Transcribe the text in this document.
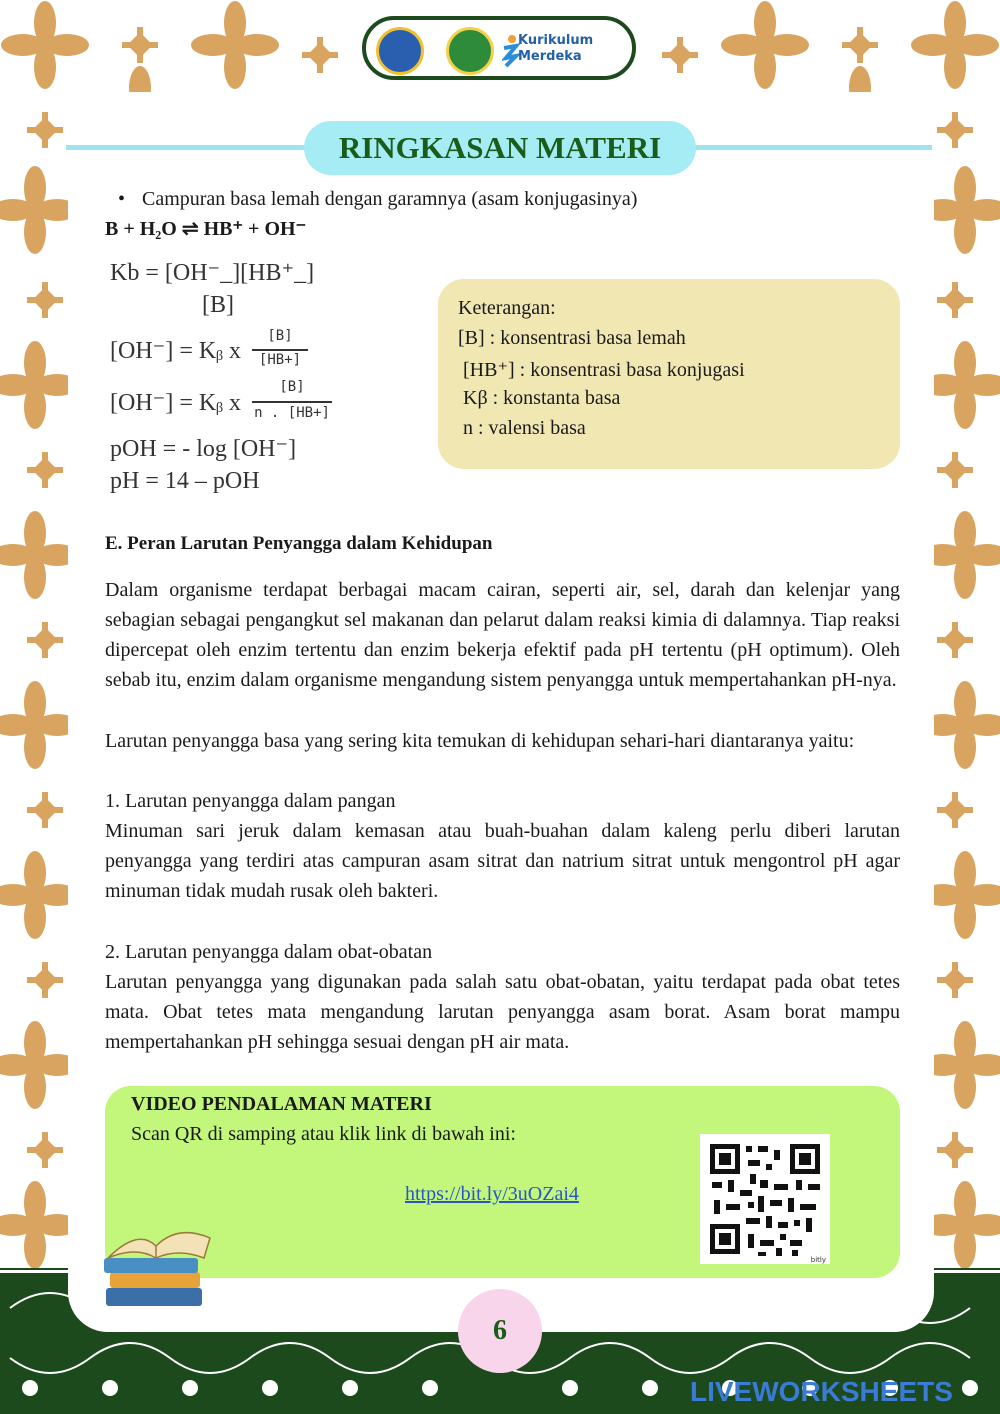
Kurikulum
Merdeka
RINGKASAN MATERI
• Campuran basa lemah dengan garamnya (asam konjugasinya)
B + H₂O ⇌ HB⁺ + OH⁻
Kb = [OH⁻_][HB⁺_]
[B]
[OH⁻] = Kᵦ x
[B]
[HB+]
[OH⁻] = Kᵦ x
[B]
n . [HB+]
pOH = - log [OH⁻]
pH = 14 – pOH
Keterangan:
[B] : konsentrasi basa lemah
[HB⁺] : konsentrasi basa konjugasi
Kβ : konstanta basa
n : valensi basa
E. Peran Larutan Penyangga dalam Kehidupan

Dalam organisme terdapat berbagai macam cairan, seperti air, sel, darah dan kelenjar yang sebagian sebagai pengangkut sel makanan dan pelarut dalam reaksi kimia di dalamnya. Tiap reaksi dipercepat oleh enzim tertentu dan enzim bekerja efektif pada pH tertentu (pH optimum). Oleh sebab itu, enzim dalam organisme mengandung sistem penyangga untuk mempertahankan pH-nya.

Larutan penyangga basa yang sering kita temukan di kehidupan sehari-hari diantaranya yaitu:

1. Larutan penyangga dalam pangan

Minuman sari jeruk dalam kemasan atau buah-buahan dalam kaleng perlu diberi larutan penyangga yang terdiri atas campuran asam sitrat dan natrium sitrat untuk mengontrol pH agar minuman tidak mudah rusak oleh bakteri.

2. Larutan penyangga dalam obat-obatan

Larutan penyangga yang digunakan pada salah satu obat-obatan, yaitu terdapat pada obat tetes mata. Obat tetes mata mengandung larutan penyangga asam borat. Asam borat mampu mempertahankan pH sehingga sesuai dengan pH air mata.

VIDEO PENDALAMAN MATERI
Scan QR di samping atau klik link di bawah ini:
https://bit.ly/3uOZai4
bitly
6
LIVEWORKSHEETS
